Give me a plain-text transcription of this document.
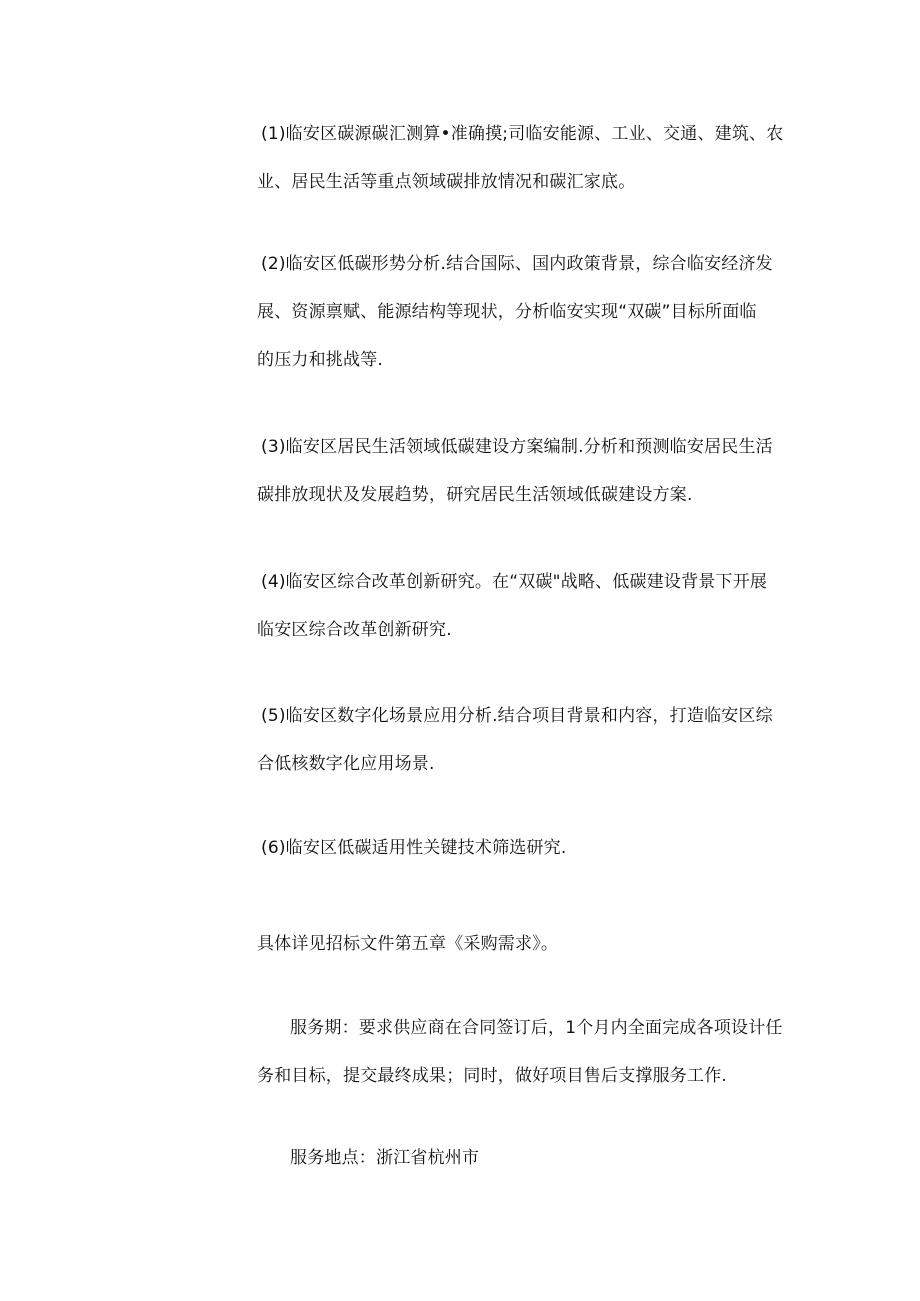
(1)临安区碳源碳汇测算•准确摸;司临安能源、工业、交通、建筑、农
业、居民生活等重点领域碳排放情况和碳汇家底。
(2)临安区低碳形势分析.结合国际、国内政策背景，综合临安经济发
展、资源禀赋、能源结构等现状，分析临安实现“双碳”目标所面临
的压力和挑战等.
(3)临安区居民生活领域低碳建设方案编制.分析和预测临安居民生活
碳排放现状及发展趋势，研究居民生活领域低碳建设方案.
(4)临安区综合改革创新研究。在“双碳"战略、低碳建设背景下开展
临安区综合改革创新研究.
(5)临安区数字化场景应用分析.结合项目背景和内容，打造临安区综
合低核数字化应用场景.
(6)临安区低碳适用性关键技术筛选研究.
具体详见招标文件第五章《采购需求》。
服务期：要求供应商在合同签订后，1个月内全面完成各项设计任
务和目标，提交最终成果；同时，做好项目售后支撑服务工作.
服务地点：浙江省杭州市
